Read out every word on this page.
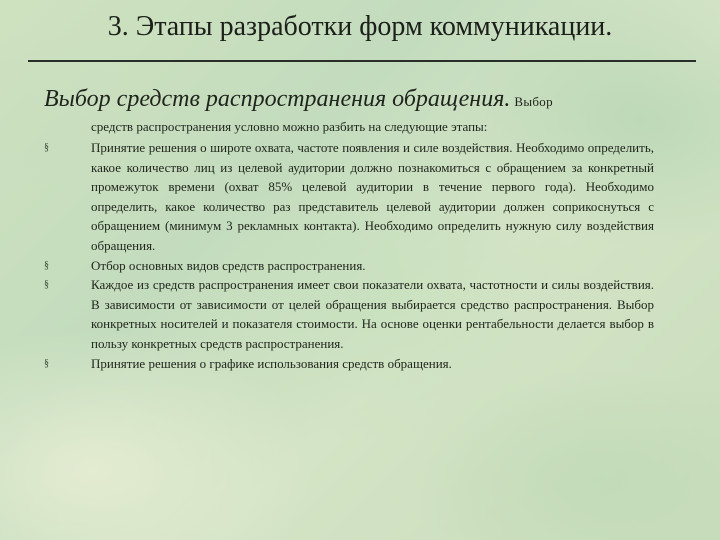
3. Этапы разработки форм коммуникации.
Выбор средств распространения обращения. Выбор
средств распространения условно можно разбить на следующие этапы:
§	Принятие решения о широте охвата, частоте появления и силе воздействия. Необходимо определить, какое количество лиц из целевой аудитории должно познакомиться с обращением за конкретный промежуток времени (охват 85% целевой аудитории в течение первого года). Необходимо определить, какое количество раз представитель целевой аудитории должен соприкоснуться с обращением (минимум 3 рекламных контакта). Необходимо определить нужную силу воздействия обращения.
§	Отбор основных видов средств распространения.
§	Каждое из средств распространения имеет свои показатели охвата, частотности и силы воздействия. В зависимости от зависимости от целей обращения выбирается средство распространения. Выбор конкретных носителей и показателя стоимости. На основе оценки рентабельности делается выбор в пользу конкретных средств распространения.
§	Принятие решения о графике использования средств обращения.
